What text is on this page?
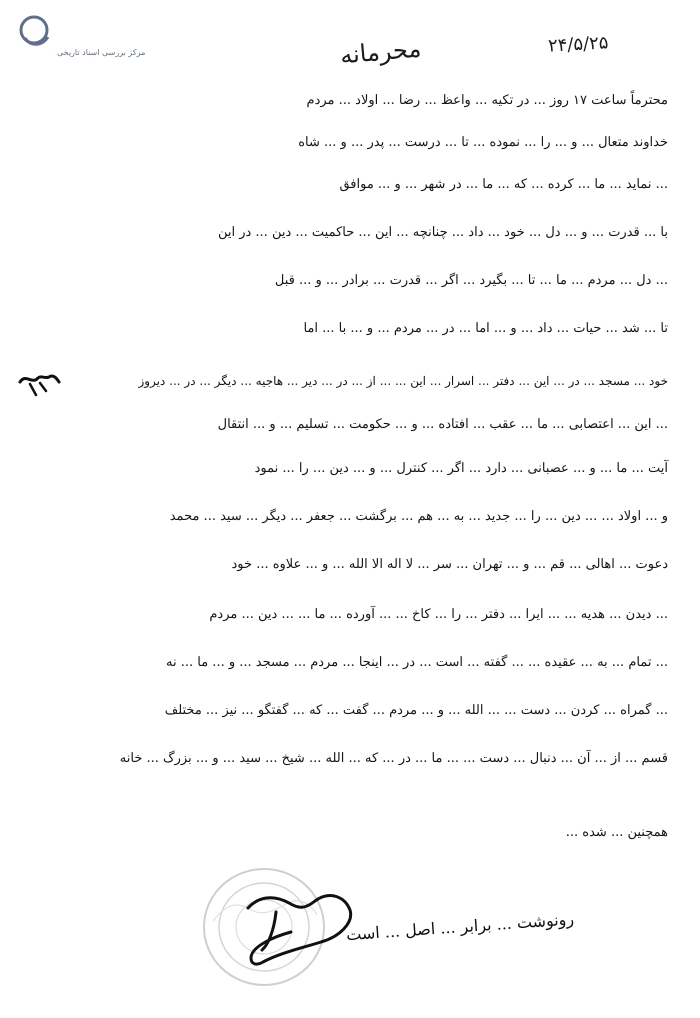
مرکز بررسی اسناد تاریخی	۲۴/۵/۲۵
محرمانه
محترماً ساعت ۱۷ روز ... در تکیه ... واعظ ... رضا ... اولاد ... مردم
خداوند متعال ... و ... را ... نموده ... تا ... درست ... پدر ... و ... شاه
... نماید ... ما ... کرده ... که ... ما ... در شهر ... و ... موافق
با ... قدرت ... و ... دل ... خود ... داد ... چنانچه ... این ... حاکمیت ... دین ... در این
... دل ... مردم ... ما ... تا ... بگیرد ... اگر ... قدرت ... برادر ... و ... قبل
تا ... شد ... حیات ... داد ... و ... اما ... در ... مردم ... و ... با ... اما
خود ... مسجد ... در ... این ... دفتر ... اسرار ... این ... ... از ... در ... دیر ... هاجیه ... دیگر ... در ... دیروز
... این ... اعتصابی ... ما ... عقب ... افتاده ... و ... حکومت ... تسلیم ... و ... انتقال
آیت ... ما ... و ... عصبانی ... دارد ... اگر ... کنترل ... و ... دین ... را ... نمود
و ... اولاد ... ... دین ... را ... جدید ... به ... هم ... برگشت ... جعفر ... دیگر ... سید ... محمد
دعوت ... اهالی ... قم ... و ... تهران ... سر ... لا اله الا الله ... و ... علاوه ... خود
... دیدن ... هدیه ... ... ایرا ... دفتر ... را ... کاخ ... ... آورده ... ما ... ... دین ... مردم
... تمام ... به ... عقیده ... ... گفته ... است ... در ... اینجا ... مردم ... مسجد ... و ... ما ... نه
... گمراه ... کردن ... دست ... ... الله ... و ... مردم ... گفت ... که ... گفتگو ... نیز ... مختلف
قسم ... از ... آن ... دنبال ... دست ... ... ما ... در ... که ... الله ... شیخ ... سید ... و ... بزرگ ... خانه
همچنین ... شده ...
رونوشت ... برابر ... اصل ... است
